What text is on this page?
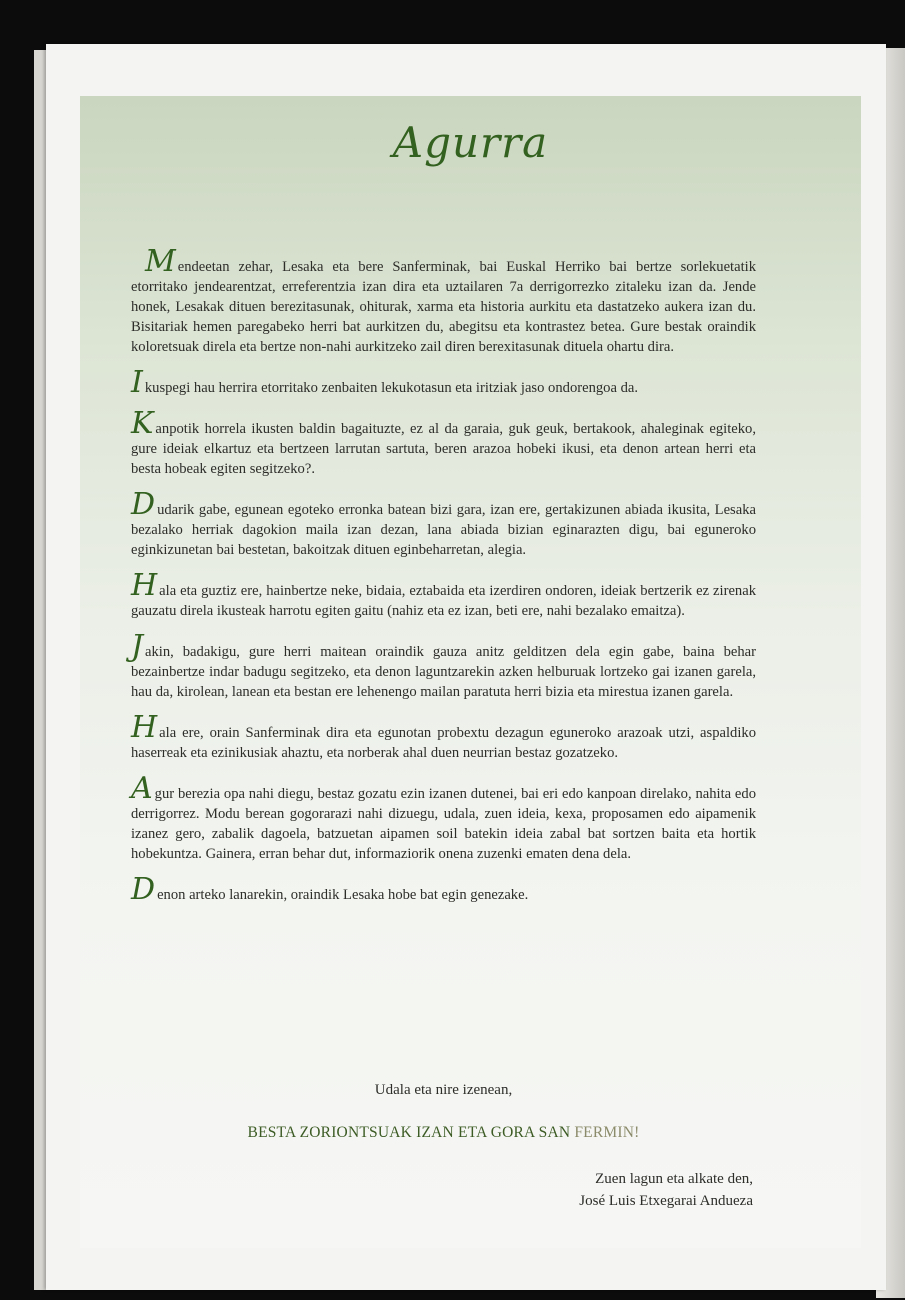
Agurra

Mendeetan zehar, Lesaka eta bere Sanferminak, bai Euskal Herriko bai bertze sorlekuetatik etorritako jendearentzat, erreferentzia izan dira eta uztailaren 7a derrigorrezko zitaleku izan da. Jende honek, Lesakak dituen berezitasunak, ohiturak, xarma eta historia aurkitu eta dastatzeko aukera izan du. Bisitariak hemen paregabeko herri bat aurkitzen du, abegitsu eta kontrastez betea. Gure bestak oraindik koloretsuak direla eta bertze non-nahi aurkitzeko zail diren berexitasunak dituela ohartu dira.

Ikuspegi hau herrira etorritako zenbaiten lekukotasun eta iritziak jaso ondorengoa da.

Kanpotik horrela ikusten baldin bagaituzte, ez al da garaia, guk geuk, bertakook, ahaleginak egiteko, gure ideiak elkartuz eta bertzeen larrutan sartuta, beren arazoa hobeki ikusi, eta denon artean herri eta besta hobeak egiten segitzeko?.

Dudarik gabe, egunean egoteko erronka batean bizi gara, izan ere, gertakizunen abiada ikusita, Lesaka bezalako herriak dagokion maila izan dezan, lana abiada bizian eginarazten digu, bai eguneroko eginkizunetan bai bestetan, bakoitzak dituen eginbeharretan, alegia.

Hala eta guztiz ere, hainbertze neke, bidaia, eztabaida eta izerdiren ondoren, ideiak bertzerik ez zirenak gauzatu direla ikusteak harrotu egiten gaitu (nahiz eta ez izan, beti ere, nahi bezalako emaitza).

Jakin, badakigu, gure herri maitean oraindik gauza anitz gelditzen dela egin gabe, baina behar bezainbertze indar badugu segitzeko, eta denon laguntzarekin azken helburuak lortzeko gai izanen garela, hau da, kirolean, lanean eta bestan ere lehenengo mailan paratuta herri bizia eta mirestua izanen garela.

Hala ere, orain Sanferminak dira eta egunotan probextu dezagun eguneroko arazoak utzi, aspaldiko haserreak eta ezinikusiak ahaztu, eta norberak ahal duen neurrian bestaz gozatzeko.

Agur berezia opa nahi diegu, bestaz gozatu ezin izanen dutenei, bai eri edo kanpoan direlako, nahita edo derrigorrez. Modu berean gogorarazi nahi dizuegu, udala, zuen ideia, kexa, proposamen edo aipamenik izanez gero, zabalik dagoela, batzuetan aipamen soil batekin ideia zabal bat sortzen baita eta hortik hobekuntza. Gainera, erran behar dut, informaziorik onena zuzenki ematen dena dela.

Denon arteko lanarekin, oraindik Lesaka hobe bat egin genezake.

Udala eta nire izenean,
BESTA ZORIONTSUAK IZAN ETA GORA SAN FERMIN!
Zuen lagun eta alkate den,
José Luis Etxegarai Andueza
